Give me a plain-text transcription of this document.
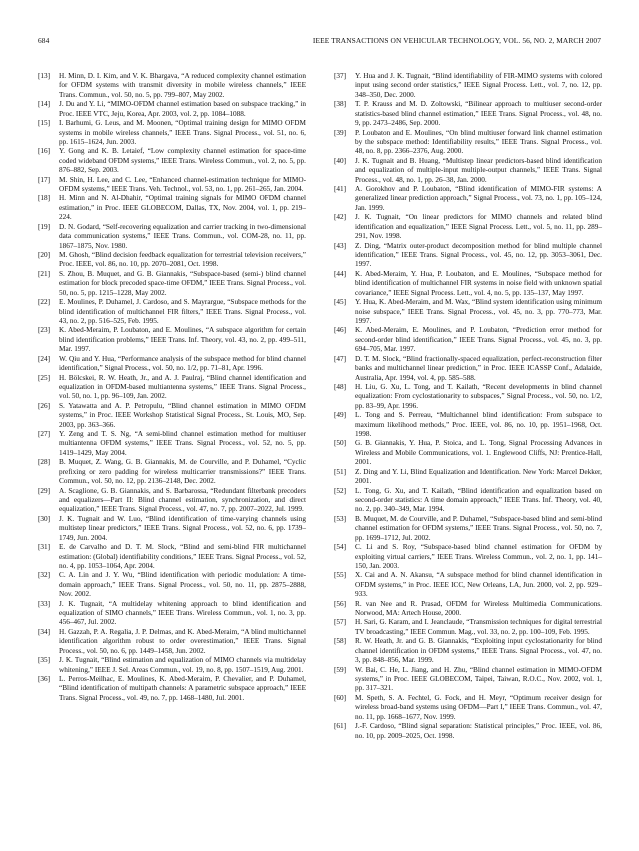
684	IEEE TRANSACTIONS ON VEHICULAR TECHNOLOGY, VOL. 56, NO. 2, MARCH 2007
[13] H. Minn, D. I. Kim, and V. K. Bhargava, “A reduced complexity channel estimation for OFDM systems with transmit diversity in mobile wireless channels,” IEEE Trans. Commun., vol. 50, no. 5, pp. 799–807, May 2002.
[14] J. Du and Y. Li, “MIMO-OFDM channel estimation based on subspace tracking,” in Proc. IEEE VTC, Jeju, Korea, Apr. 2003, vol. 2, pp. 1084–1088.
[15] I. Barhumi, G. Leus, and M. Moonen, “Optimal training design for MIMO OFDM systems in mobile wireless channels,” IEEE Trans. Signal Process., vol. 51, no. 6, pp. 1615–1624, Jun. 2003.
[16] Y. Gong and K. B. Letaief, “Low complexity channel estimation for space-time coded wideband OFDM systems,” IEEE Trans. Wireless Commun., vol. 2, no. 5, pp. 876–882, Sep. 2003.
[17] M. Shin, H. Lee, and C. Lee, “Enhanced channel-estimation technique for MIMO-OFDM systems,” IEEE Trans. Veh. Technol., vol. 53, no. 1, pp. 261–265, Jan. 2004.
[18] H. Minn and N. Al-Dhahir, “Optimal training signals for MIMO OFDM channel estimation,” in Proc. IEEE GLOBECOM, Dallas, TX, Nov. 2004, vol. 1, pp. 219–224.
[19] D. N. Godard, “Self-recovering equalization and carrier tracking in two-dimensional data communication systems,” IEEE Trans. Commun., vol. COM-28, no. 11, pp. 1867–1875, Nov. 1980.
[20] M. Ghosh, “Blind decision feedback equalization for terrestrial television receivers,” Proc. IEEE, vol. 86, no. 10, pp. 2070–2081, Oct. 1998.
[21] S. Zhou, B. Muquet, and G. B. Giannakis, “Subspace-based (semi-) blind channel estimation for block precoded space-time OFDM,” IEEE Trans. Signal Process., vol. 50, no. 5, pp. 1215–1228, May 2002.
[22] E. Moulines, P. Duhamel, J. Cardoso, and S. Mayrargue, “Subspace methods for the blind identification of multichannel FIR filters,” IEEE Trans. Signal Process., vol. 43, no. 2, pp. 516–525, Feb. 1995.
[23] K. Abed-Meraim, P. Loubaton, and E. Moulines, “A subspace algorithm for certain blind identification problems,” IEEE Trans. Inf. Theory, vol. 43, no. 2, pp. 499–511, Mar. 1997.
[24] W. Qiu and Y. Hua, “Performance analysis of the subspace method for blind channel identification,” Signal Process., vol. 50, no. 1/2, pp. 71–81, Apr. 1996.
[25] H. Bölcskei, R. W. Heath, Jr., and A. J. Paulraj, “Blind channel identification and equalization in OFDM-based multiantenna systems,” IEEE Trans. Signal Process., vol. 50, no. 1, pp. 96–109, Jan. 2002.
[26] S. Yatawatta and A. P. Petropulu, “Blind channel estimation in MIMO OFDM systems,” in Proc. IEEE Workshop Statistical Signal Process., St. Louis, MO, Sep. 2003, pp. 363–366.
[27] Y. Zeng and T. S. Ng, “A semi-blind channel estimation method for multiuser multiantenna OFDM systems,” IEEE Trans. Signal Process., vol. 52, no. 5, pp. 1419–1429, May 2004.
[28] B. Muquet, Z. Wang, G. B. Giannakis, M. de Courville, and P. Duhamel, “Cyclic prefixing or zero padding for wireless multicarrier transmissions?” IEEE Trans. Commun., vol. 50, no. 12, pp. 2136–2148, Dec. 2002.
[29] A. Scaglione, G. B. Giannakis, and S. Barbarossa, “Redundant filterbank precoders and equalizers—Part II: Blind channel estimation, synchronization, and direct equalization,” IEEE Trans. Signal Process., vol. 47, no. 7, pp. 2007–2022, Jul. 1999.
[30] J. K. Tugnait and W. Luo, “Blind identification of time-varying channels using multistep linear predictors,” IEEE Trans. Signal Process., vol. 52, no. 6, pp. 1739–1749, Jun. 2004.
[31] E. de Carvalho and D. T. M. Slock, “Blind and semi-blind FIR multichannel estimation: (Global) identifiability conditions,” IEEE Trans. Signal Process., vol. 52, no. 4, pp. 1053–1064, Apr. 2004.
[32] C. A. Lin and J. Y. Wu, “Blind identification with periodic modulation: A time-domain approach,” IEEE Trans. Signal Process., vol. 50, no. 11, pp. 2875–2888, Nov. 2002.
[33] J. K. Tugnait, “A multidelay whitening approach to blind identification and equalization of SIMO channels,” IEEE Trans. Wireless Commun., vol. 1, no. 3, pp. 456–467, Jul. 2002.
[34] H. Gazzah, P. A. Regalia, J. P. Delmas, and K. Abed-Meraim, “A blind multichannel identification algorithm robust to order overestimation,” IEEE Trans. Signal Process., vol. 50, no. 6, pp. 1449–1458, Jun. 2002.
[35] J. K. Tugnait, “Blind estimation and equalization of MIMO channels via multidelay whitening,” IEEE J. Sel. Areas Commun., vol. 19, no. 8, pp. 1507–1519, Aug. 2001.
[36] L. Perros-Meilhac, E. Moulines, K. Abed-Meraim, P. Chevalier, and P. Duhamel, “Blind identification of multipath channels: A parametric subspace approach,” IEEE Trans. Signal Process., vol. 49, no. 7, pp. 1468–1480, Jul. 2001.
[37] Y. Hua and J. K. Tugnait, “Blind identifiability of FIR-MIMO systems with colored input using second order statistics,” IEEE Signal Process. Lett., vol. 7, no. 12, pp. 348–350, Dec. 2000.
[38] T. P. Krauss and M. D. Zoltowski, “Bilinear approach to multiuser second-order statistics-based blind channel estimation,” IEEE Trans. Signal Process., vol. 48, no. 9, pp. 2473–2486, Sep. 2000.
[39] P. Loubaton and E. Moulines, “On blind multiuser forward link channel estimation by the subspace method: Identifiability results,” IEEE Trans. Signal Process., vol. 48, no. 8, pp. 2366–2376, Aug. 2000.
[40] J. K. Tugnait and B. Huang, “Multistep linear predictors-based blind identification and equalization of multiple-input multiple-output channels,” IEEE Trans. Signal Process., vol. 48, no. 1, pp. 26–38, Jan. 2000.
[41] A. Gorokhov and P. Loubaton, “Blind identification of MIMO-FIR systems: A generalized linear prediction approach,” Signal Process., vol. 73, no. 1, pp. 105–124, Jan. 1999.
[42] J. K. Tugnait, “On linear predictors for MIMO channels and related blind identification and equalization,” IEEE Signal Process. Lett., vol. 5, no. 11, pp. 289–291, Nov. 1998.
[43] Z. Ding, “Matrix outer-product decomposition method for blind multiple channel identification,” IEEE Trans. Signal Process., vol. 45, no. 12, pp. 3053–3061, Dec. 1997.
[44] K. Abed-Meraim, Y. Hua, P. Loubaton, and E. Moulines, “Subspace method for blind identification of multichannel FIR systems in noise field with unknown spatial covariance,” IEEE Signal Process. Lett., vol. 4, no. 5, pp. 135–137, May 1997.
[45] Y. Hua, K. Abed-Meraim, and M. Wax, “Blind system identification using minimum noise subspace,” IEEE Trans. Signal Process., vol. 45, no. 3, pp. 770–773, Mar. 1997.
[46] K. Abed-Meraim, E. Moulines, and P. Loubaton, “Prediction error method for second-order blind identification,” IEEE Trans. Signal Process., vol. 45, no. 3, pp. 694–705, Mar. 1997.
[47] D. T. M. Slock, “Blind fractionally-spaced equalization, perfect-reconstruction filter banks and multichannel linear prediction,” in Proc. IEEE ICASSP Conf., Adalaide, Australia, Apr. 1994, vol. 4, pp. 585–588.
[48] H. Liu, G. Xu, L. Tong, and T. Kailath, “Recent developments in blind channel equalization: From cyclostationarity to subspaces,” Signal Process., vol. 50, no. 1/2, pp. 83–99, Apr. 1996.
[49] L. Tong and S. Perreau, “Multichannel blind identification: From subspace to maximum likelihood methods,” Proc. IEEE, vol. 86, no. 10, pp. 1951–1968, Oct. 1998.
[50] G. B. Giannakis, Y. Hua, P. Stoica, and L. Tong, Signal Processing Advances in Wireless and Mobile Communications, vol. 1. Englewood Cliffs, NJ: Prentice-Hall, 2001.
[51] Z. Ding and Y. Li, Blind Equalization and Identification. New York: Marcel Dekker, 2001.
[52] L. Tong, G. Xu, and T. Kailath, “Blind identification and equalization based on second-order statistics: A time domain approach,” IEEE Trans. Inf. Theory, vol. 40, no. 2, pp. 340–349, Mar. 1994.
[53] B. Muquet, M. de Courville, and P. Duhamel, “Subspace-based blind and semi-blind channel estimation for OFDM systems,” IEEE Trans. Signal Process., vol. 50, no. 7, pp. 1699–1712, Jul. 2002.
[54] C. Li and S. Roy, “Subspace-based blind channel estimation for OFDM by exploiting virtual carriers,” IEEE Trans. Wireless Commun., vol. 2, no. 1, pp. 141–150, Jan. 2003.
[55] X. Cai and A. N. Akansu, “A subspace method for blind channel identification in OFDM systems,” in Proc. IEEE ICC, New Orleans, LA, Jun. 2000, vol. 2, pp. 929–933.
[56] R. van Nee and R. Prasad, OFDM for Wireless Multimedia Communications. Norwood, MA: Artech House, 2000.
[57] H. Sari, G. Karam, and I. Jeanclaude, “Transmission techniques for digital terrestrial TV broadcasting,” IEEE Commun. Mag., vol. 33, no. 2, pp. 100–109, Feb. 1995.
[58] R. W. Heath, Jr. and G. B. Giannakis, “Exploiting input cyclostationarity for blind channel identification in OFDM systems,” IEEE Trans. Signal Process., vol. 47, no. 3, pp. 848–856, Mar. 1999.
[59] W. Bai, C. He, L. Jiang, and H. Zhu, “Blind channel estimation in MIMO-OFDM systems,” in Proc. IEEE GLOBECOM, Taipei, Taiwan, R.O.C., Nov. 2002, vol. 1, pp. 317–321.
[60] M. Speth, S. A. Fechtel, G. Fock, and H. Meyr, “Optimum receiver design for wireless broad-band systems using OFDM—Part I,” IEEE Trans. Commun., vol. 47, no. 11, pp. 1668–1677, Nov. 1999.
[61] J.-F. Cardoso, “Blind signal separation: Statistical principles,” Proc. IEEE, vol. 86, no. 10, pp. 2009–2025, Oct. 1998.
